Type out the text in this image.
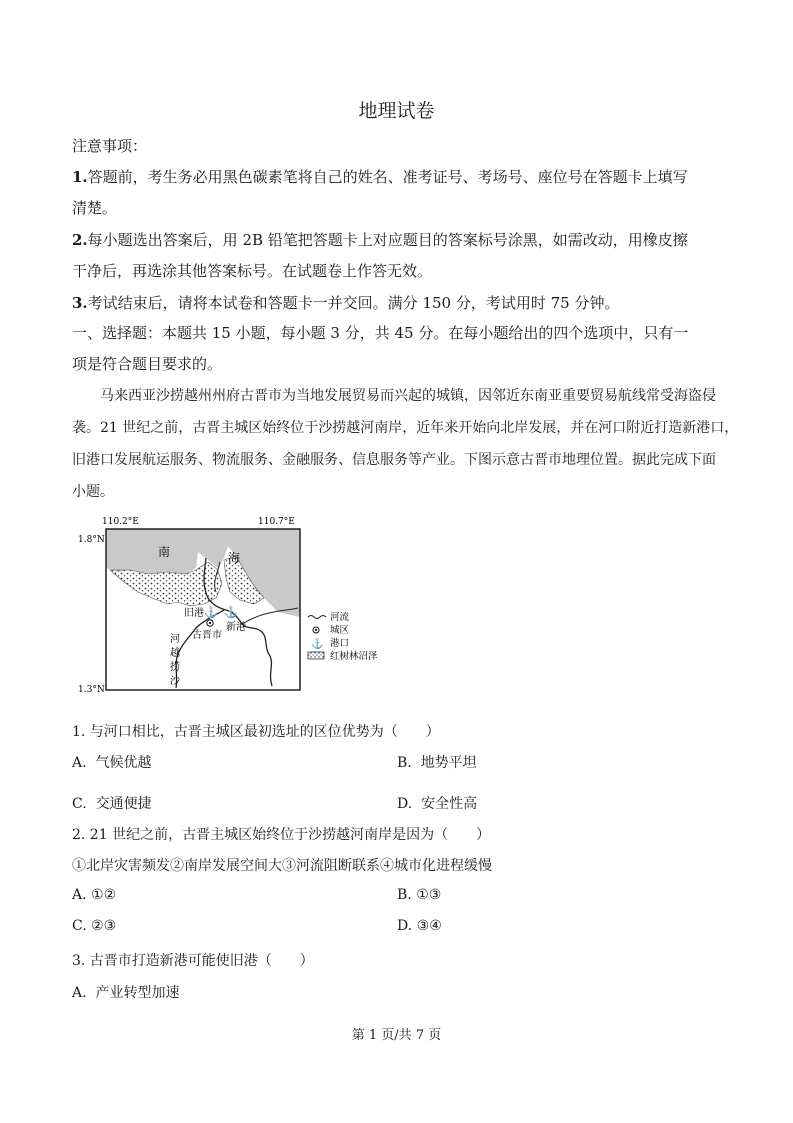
地理试卷
注意事项：
1.答题前，考生务必用黑色碳素笔将自己的姓名、准考证号、考场号、座位号在答题卡上填写
清楚。
2.每小题选出答案后，用 2B 铅笔把答题卡上对应题目的答案标号涂黑，如需改动，用橡皮擦
干净后，再选涂其他答案标号。在试题卷上作答无效。
3.考试结束后，请将本试卷和答题卡一并交回。满分 150 分，考试用时 75 分钟。
一、选择题：本题共 15 小题，每小题 3 分，共 45 分。在每小题给出的四个选项中，只有一
项是符合题目要求的。
马来西亚沙捞越州州府古晋市为当地发展贸易而兴起的城镇，因邻近东南亚重要贸易航线常受海盗侵
袭。21 世纪之前，古晋主城区始终位于沙捞越河南岸，近年来开始向北岸发展，并在河口附近打造新港口，
旧港口发展航运服务、物流服务、金融服务、信息服务等产业。下图示意古晋市地理位置。据此完成下面
小题。
110.2°E	110.7°E
1.8°N
1.3°N
南	海
旧港 ⚓ ⚓
新港
古晋市
河
越
捞
沙
河流
城区
⚓ 港口
红树林沼泽
1. 与河口相比，古晋主城区最初选址的区位优势为（　　）
A. 气候优越	B. 地势平坦
C. 交通便捷	D. 安全性高
2. 21 世纪之前，古晋主城区始终位于沙捞越河南岸是因为（　　）
①北岸灾害频发②南岸发展空间大③河流阻断联系④城市化进程缓慢
A. ①②	B. ①③
C. ②③	D. ③④
3. 古晋市打造新港可能使旧港（　　）
A. 产业转型加速
第 1 页/共 7 页
